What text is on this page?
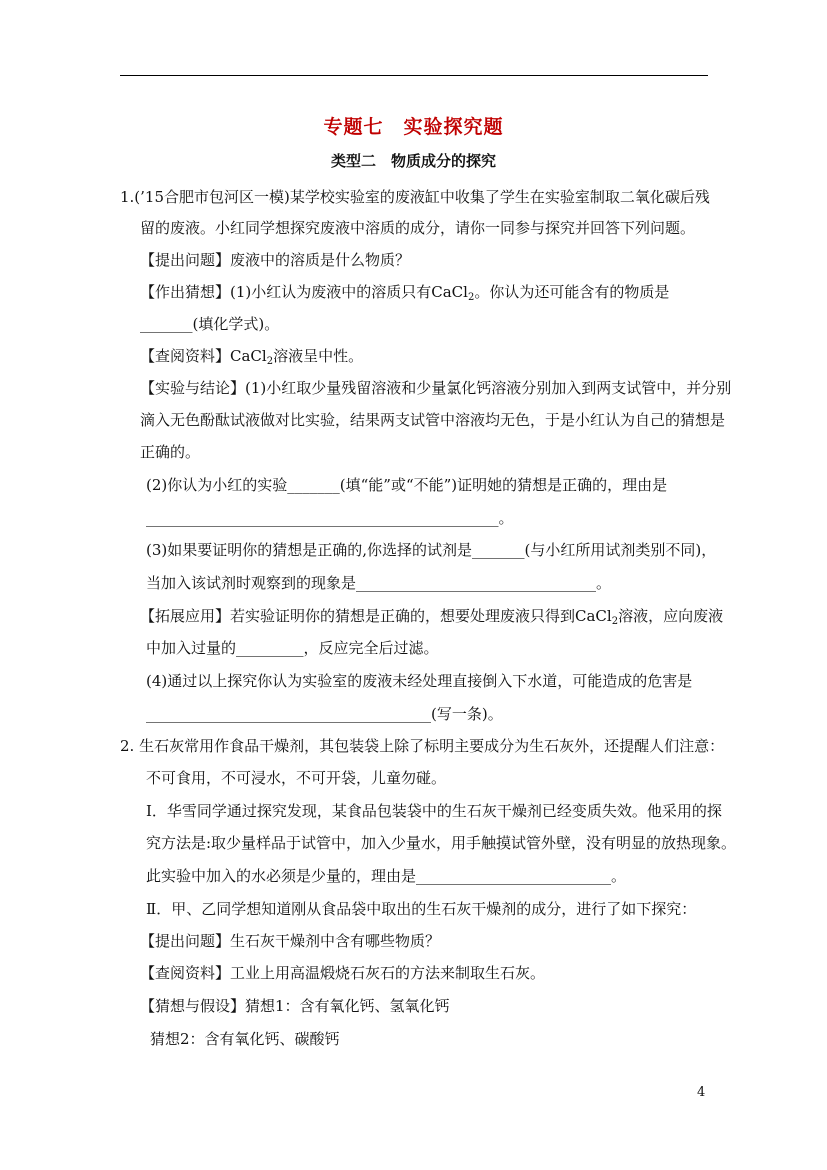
专题七　实验探究题
类型二　物质成分的探究
1.(’15合肥市包河区一模)某学校实验室的废液缸中收集了学生在实验室制取二氧化碳后残
留的废液。小红同学想探究废液中溶质的成分，请你一同参与探究并回答下列问题。
【提出问题】废液中的溶质是什么物质？
【作出猜想】(1)小红认为废液中的溶质只有CaCl$_2$。你认为还可能含有的物质是
_______(填化学式)。
【查阅资料】CaCl$_2$溶液呈中性。
【实验与结论】(1)小红取少量残留溶液和少量氯化钙溶液分别加入到两支试管中，并分别
滴入无色酚酞试液做对比实验，结果两支试管中溶液均无色，于是小红认为自己的猜想是
正确的。
(2)你认为小红的实验_______(填“能”或“不能”)证明她的猜想是正确的，理由是
_______________________________________________。
(3)如果要证明你的猜想是正确的,你选择的试剂是_______(与小红所用试剂类别不同)，
当加入该试剂时观察到的现象是________________________________。
【拓展应用】若实验证明你的猜想是正确的，想要处理废液只得到CaCl$_2$溶液，应向废液
中加入过量的_________，反应完全后过滤。
(4)通过以上探究你认为实验室的废液未经处理直接倒入下水道，可能造成的危害是
______________________________________(写一条)。
2. 生石灰常用作食品干燥剂，其包装袋上除了标明主要成分为生石灰外，还提醒人们注意：
不可食用，不可浸水，不可开袋，儿童勿碰。
Ⅰ．华雪同学通过探究发现，某食品包装袋中的生石灰干燥剂已经变质失效。他采用的探
究方法是:取少量样品于试管中，加入少量水，用手触摸试管外壁，没有明显的放热现象。
此实验中加入的水必须是少量的，理由是__________________________。
Ⅱ．甲、乙同学想知道刚从食品袋中取出的生石灰干燥剂的成分，进行了如下探究：
【提出问题】生石灰干燥剂中含有哪些物质？
【查阅资料】工业上用高温煅烧石灰石的方法来制取生石灰。
【猜想与假设】猜想1：含有氧化钙、氢氧化钙
猜想2：含有氧化钙、碳酸钙
4
